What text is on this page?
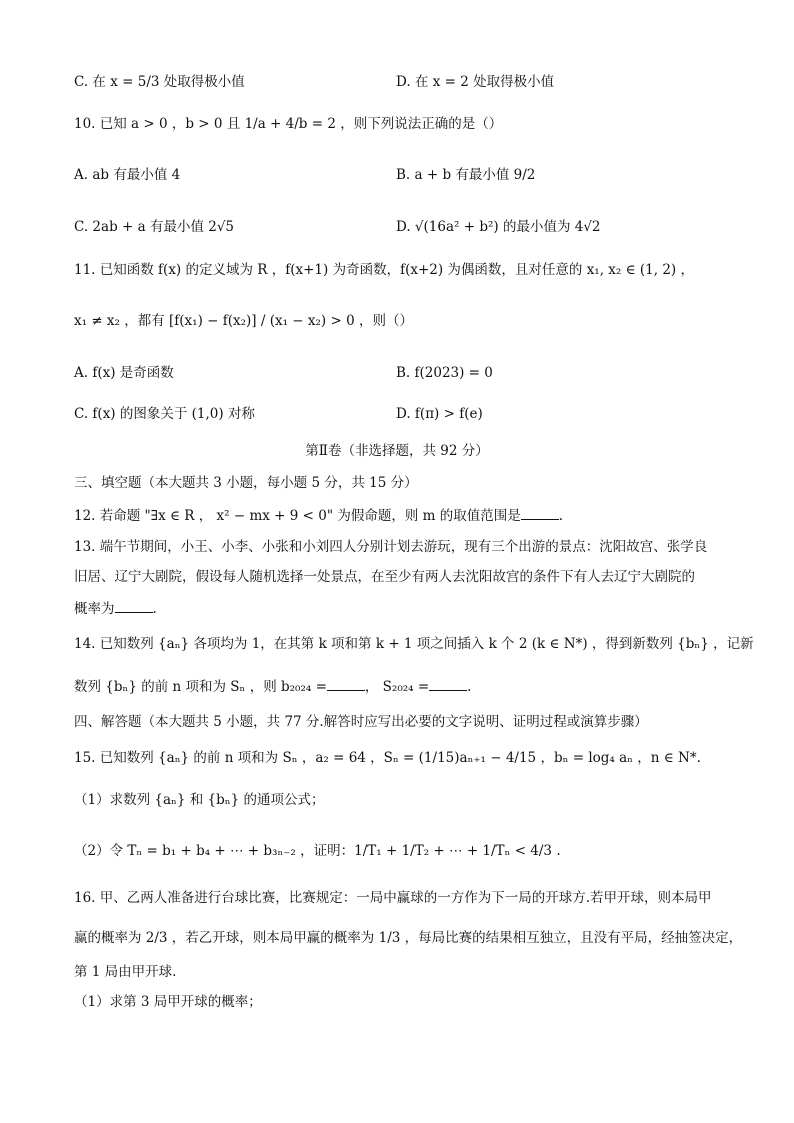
C. 在 x = 5/3 处取得极小值	D. 在 x = 2 处取得极小值
10. 已知 a > 0 ，b > 0 且 1/a + 4/b = 2 ，则下列说法正确的是（）
A. ab 有最小值 4	B. a + b 有最小值 9/2
C. 2ab + a 有最小值 2√5	D. √(16a² + b²) 的最小值为 4√2
11. 已知函数 f(x) 的定义域为 R ，f(x+1) 为奇函数，f(x+2) 为偶函数，且对任意的 x₁, x₂ ∈ (1, 2) ，
x₁ ≠ x₂ ，都有 [f(x₁) − f(x₂)] / (x₁ − x₂) > 0 ，则（）
A. f(x) 是奇函数	B. f(2023) = 0
C. f(x) 的图象关于 (1,0) 对称	D. f(π) > f(e)
第Ⅱ卷（非选择题，共 92 分）
三、填空题（本大题共 3 小题，每小题 5 分，共 15 分）
12. 若命题 "∃x ∈ R ， x² − mx + 9 < 0" 为假命题，则 m 的取值范围是	.
13. 端午节期间，小王、小李、小张和小刘四人分别计划去游玩，现有三个出游的景点：沈阳故宫、张学良
旧居、辽宁大剧院，假设每人随机选择一处景点，在至少有两人去沈阳故宫的条件下有人去辽宁大剧院的
概率为	.
14. 已知数列 {aₙ} 各项均为 1，在其第 k 项和第 k + 1 项之间插入 k 个 2 (k ∈ N*) ，得到新数列 {bₙ} ，记新
数列 {bₙ} 的前 n 项和为 Sₙ ，则 b₂₀₂₄ =	， S₂₀₂₄ =	.
四、解答题（本大题共 5 小题，共 77 分.解答时应写出必要的文字说明、证明过程或演算步骤）
15. 已知数列 {aₙ} 的前 n 项和为 Sₙ ，a₂ = 64 ，Sₙ = (1/15)aₙ₊₁ − 4/15 ，bₙ = log₄ aₙ ，n ∈ N*.
（1）求数列 {aₙ} 和 {bₙ} 的通项公式；
（2）令 Tₙ = b₁ + b₄ + ⋯ + b₃ₙ₋₂ ，证明：1/T₁ + 1/T₂ + ⋯ + 1/Tₙ < 4/3 .
16. 甲、乙两人准备进行台球比赛，比赛规定：一局中赢球的一方作为下一局的开球方.若甲开球，则本局甲
赢的概率为 2/3 ，若乙开球，则本局甲赢的概率为 1/3 ，每局比赛的结果相互独立，且没有平局，经抽签决定，
第 1 局由甲开球.
（1）求第 3 局甲开球的概率；
